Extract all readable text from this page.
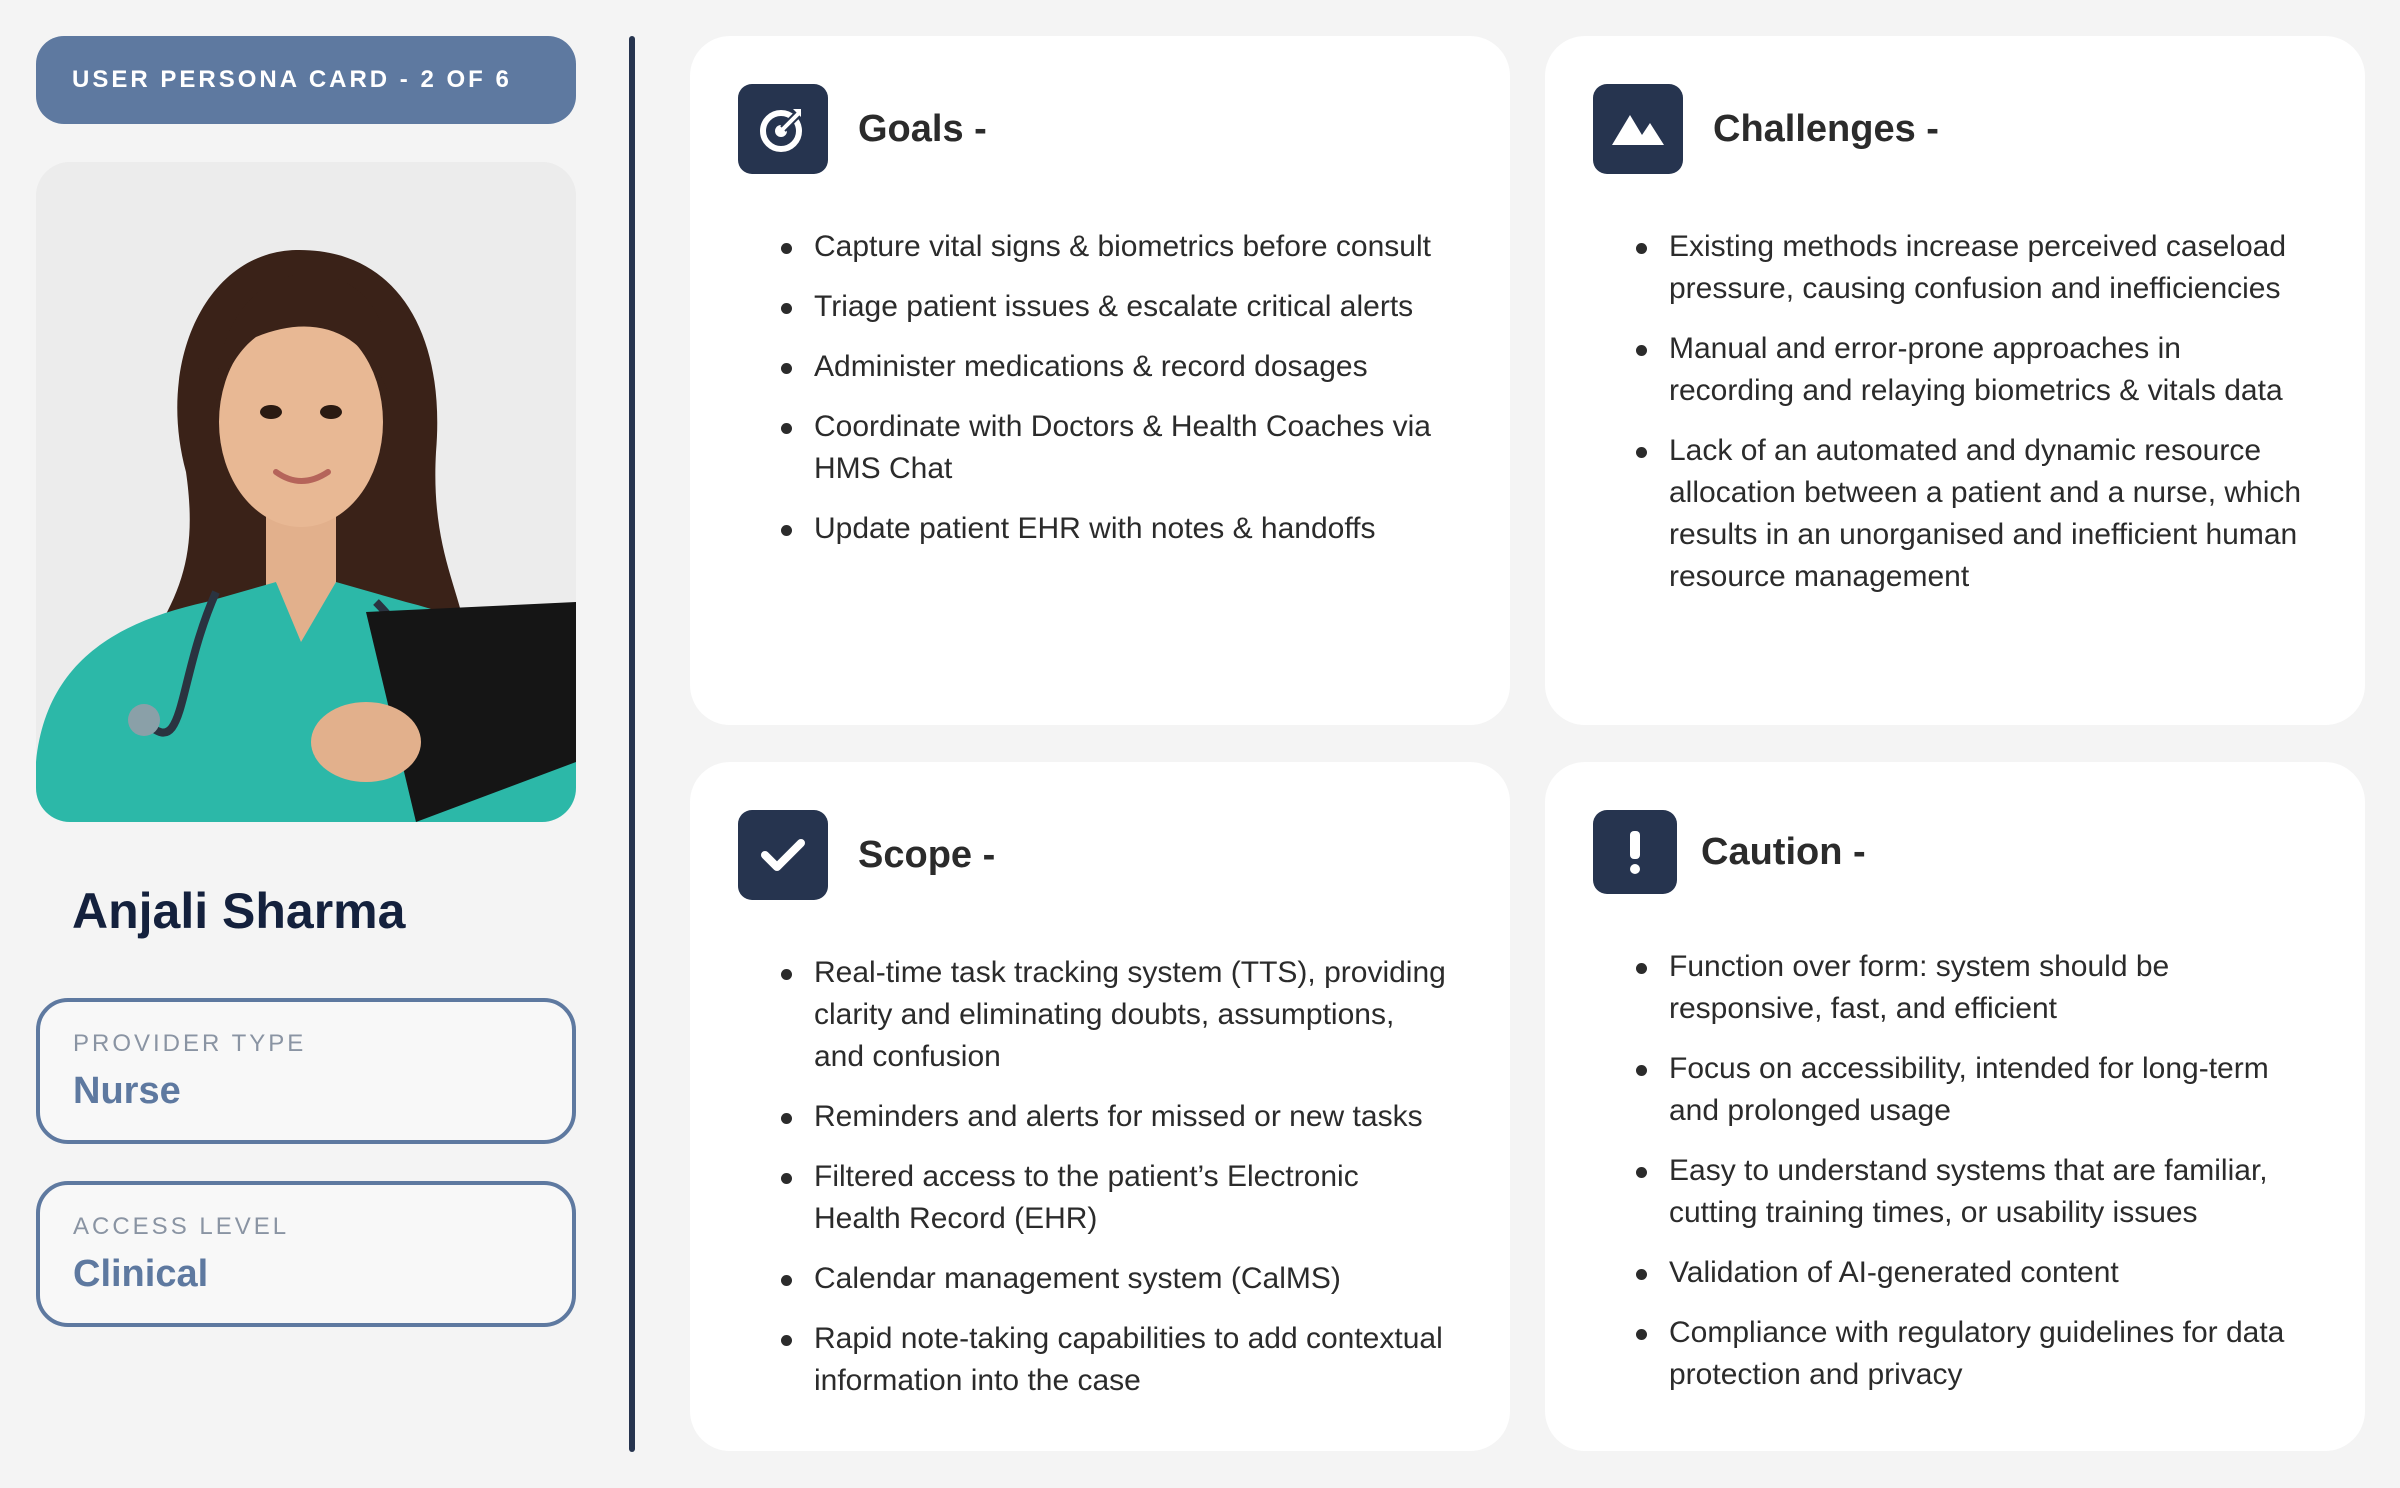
USER PERSONA CARD - 2 OF 6
Anjali Sharma
PROVIDER TYPE
Nurse
ACCESS LEVEL
Clinical
Goals -
Capture vital signs & biometrics before consult
Triage patient issues & escalate critical alerts
Administer medications & record dosages
Coordinate with Doctors & Health Coaches via HMS Chat
Update patient EHR with notes & handoffs
Challenges -
Existing methods increase perceived caseload pressure, causing confusion and inefficiencies
Manual and error-prone approaches in recording and relaying biometrics & vitals data
Lack of an automated and dynamic resource allocation between a patient and a nurse, which results in an unorganised and inefficient human resource management
Scope -
Real-time task tracking system (TTS), providing clarity and eliminating doubts, assumptions, and confusion
Reminders and alerts for missed or new tasks
Filtered access to the patient’s Electronic Health Record (EHR)
Calendar management system (CalMS)
Rapid note-taking capabilities to add contextual information into the case
Caution -
Function over form: system should be responsive, fast, and efficient
Focus on accessibility, intended for long-term and prolonged usage
Easy to understand systems that are familiar, cutting training times, or usability issues
Validation of AI-generated content
Compliance with regulatory guidelines for data protection and privacy
